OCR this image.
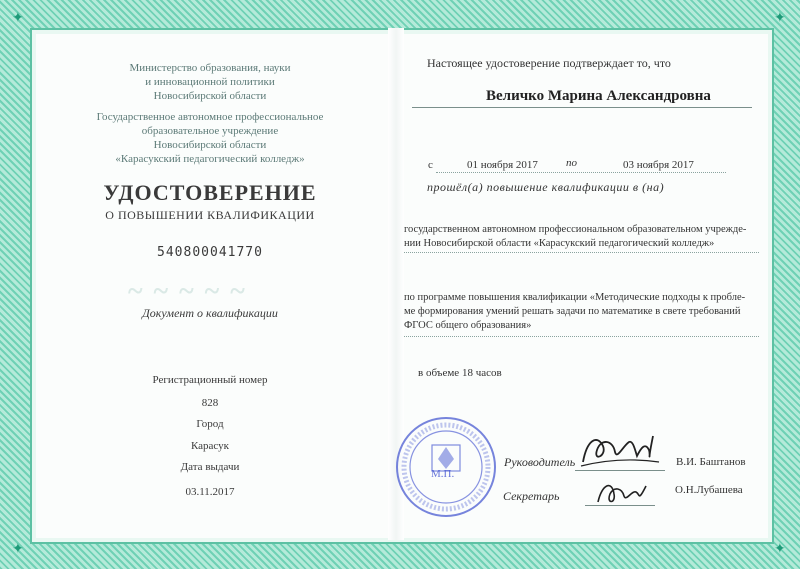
✦	✦
✦	✦
Министерство образования, науки
и инновационной политики
Новосибирской области
Государственное автономное профессиональное
образовательное учреждение
Новосибирской области
«Карасукский педагогический колледж»
УДОСТОВЕРЕНИЕ
О ПОВЫШЕНИИ КВАЛИФИКАЦИИ
540800041770
~ ~ ~ ~ ~
Документ о квалификации
Регистрационный номер
828
Город
Карасук
Дата выдачи
03.11.2017
Настоящее удостоверение подтверждает то, что
Величко Марина Александровна
с	01 ноября 2017	по	03 ноября 2017
прошёл(а) повышение квалификации в (на)
государственном автономном профессиональном образовательном учрежде-
нии Новосибирской области «Карасукский педагогический колледж»
по программе повышения квалификации «Методические подходы к пробле-
ме формирования умений решать задачи по математике в свете требований
ФГОС общего образования»
в объеме 18 часов
М.П.
Руководитель	В.И. Баштанов
Секретарь	О.Н.Лубашева
